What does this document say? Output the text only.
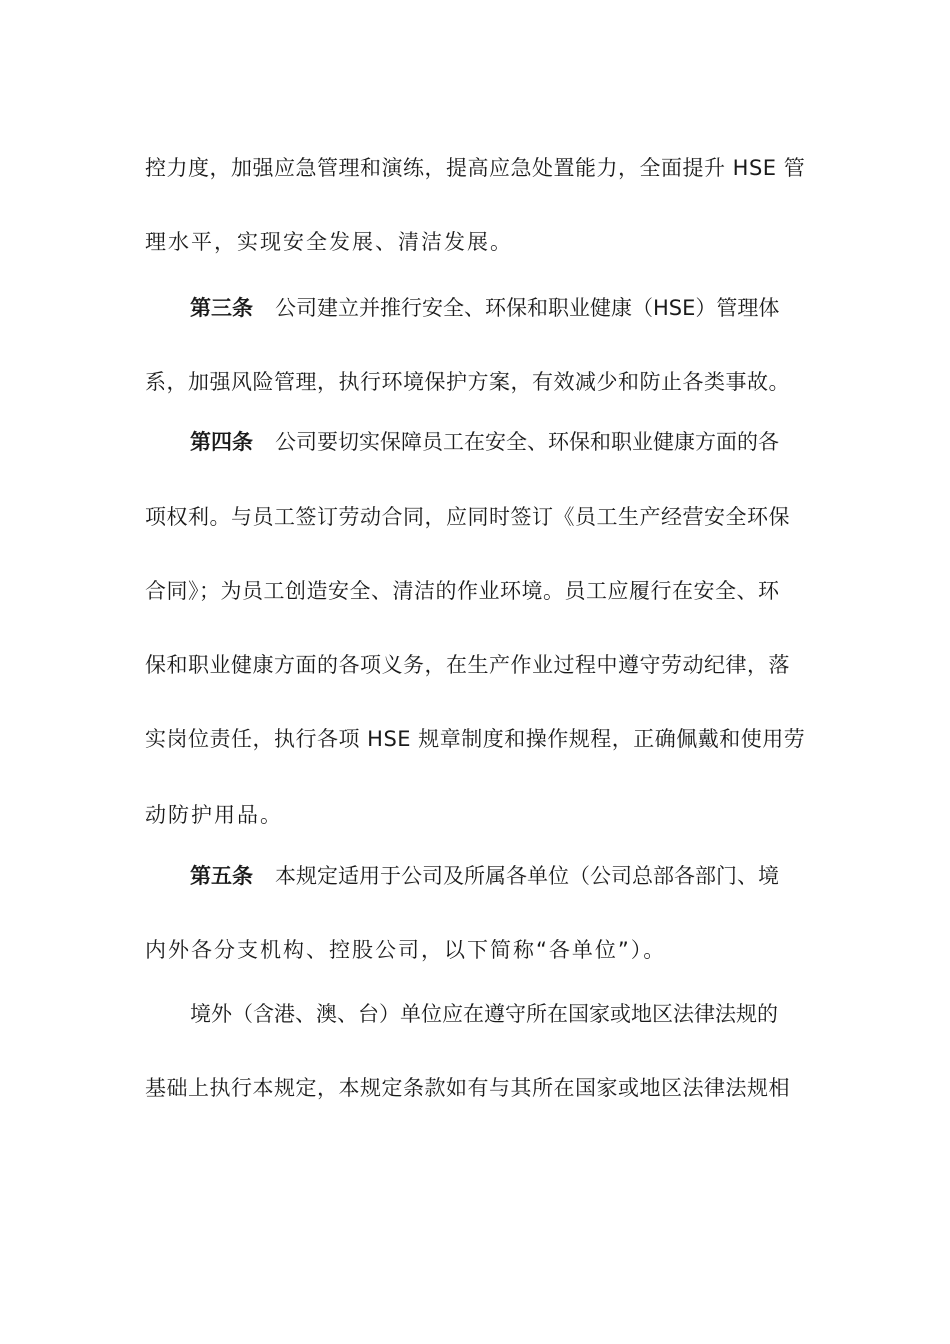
控力度，加强应急管理和演练，提高应急处置能力，全面提升 HSE 管
理水平，实现安全发展、清洁发展。
第三条 公司建立并推行安全、环保和职业健康（HSE）管理体
系，加强风险管理，执行环境保护方案，有效减少和防止各类事故。
第四条 公司要切实保障员工在安全、环保和职业健康方面的各
项权利。与员工签订劳动合同，应同时签订《员工生产经营安全环保
合同》；为员工创造安全、清洁的作业环境。员工应履行在安全、环
保和职业健康方面的各项义务，在生产作业过程中遵守劳动纪律，落
实岗位责任，执行各项 HSE 规章制度和操作规程，正确佩戴和使用劳
动防护用品。
第五条 本规定适用于公司及所属各单位（公司总部各部门、境
内外各分支机构、控股公司，以下简称“各单位”）。
境外（含港、澳、台）单位应在遵守所在国家或地区法律法规的
基础上执行本规定，本规定条款如有与其所在国家或地区法律法规相
